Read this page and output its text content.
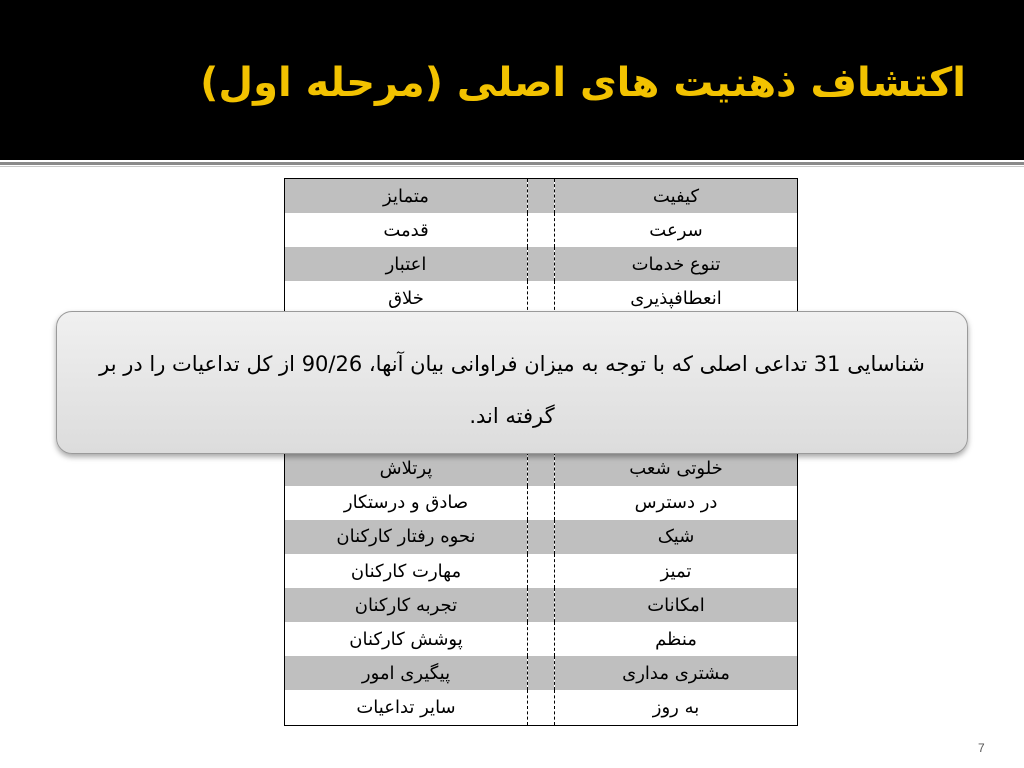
اکتشاف ذهنیت های اصلی (مرحله اول)
کیفیت		متمایز
سرعت		قدمت
تنوع خدمات		اعتبار
انعطافپذیری		خلاق

خلوتی شعب		پرتلاش
در دسترس		صادق و درستکار
شیک		نحوه رفتار کارکنان
تمیز		مهارت کارکنان
امکانات		تجربه کارکنان
منظم		پوشش کارکنان
مشتری مداری		پیگیری امور
به روز		سایر تداعیات
شناسایی 31 تداعی اصلی که با توجه به میزان فراوانی بیان آنها، 90/26 از کل تداعیات را در بر گرفته اند.
7
